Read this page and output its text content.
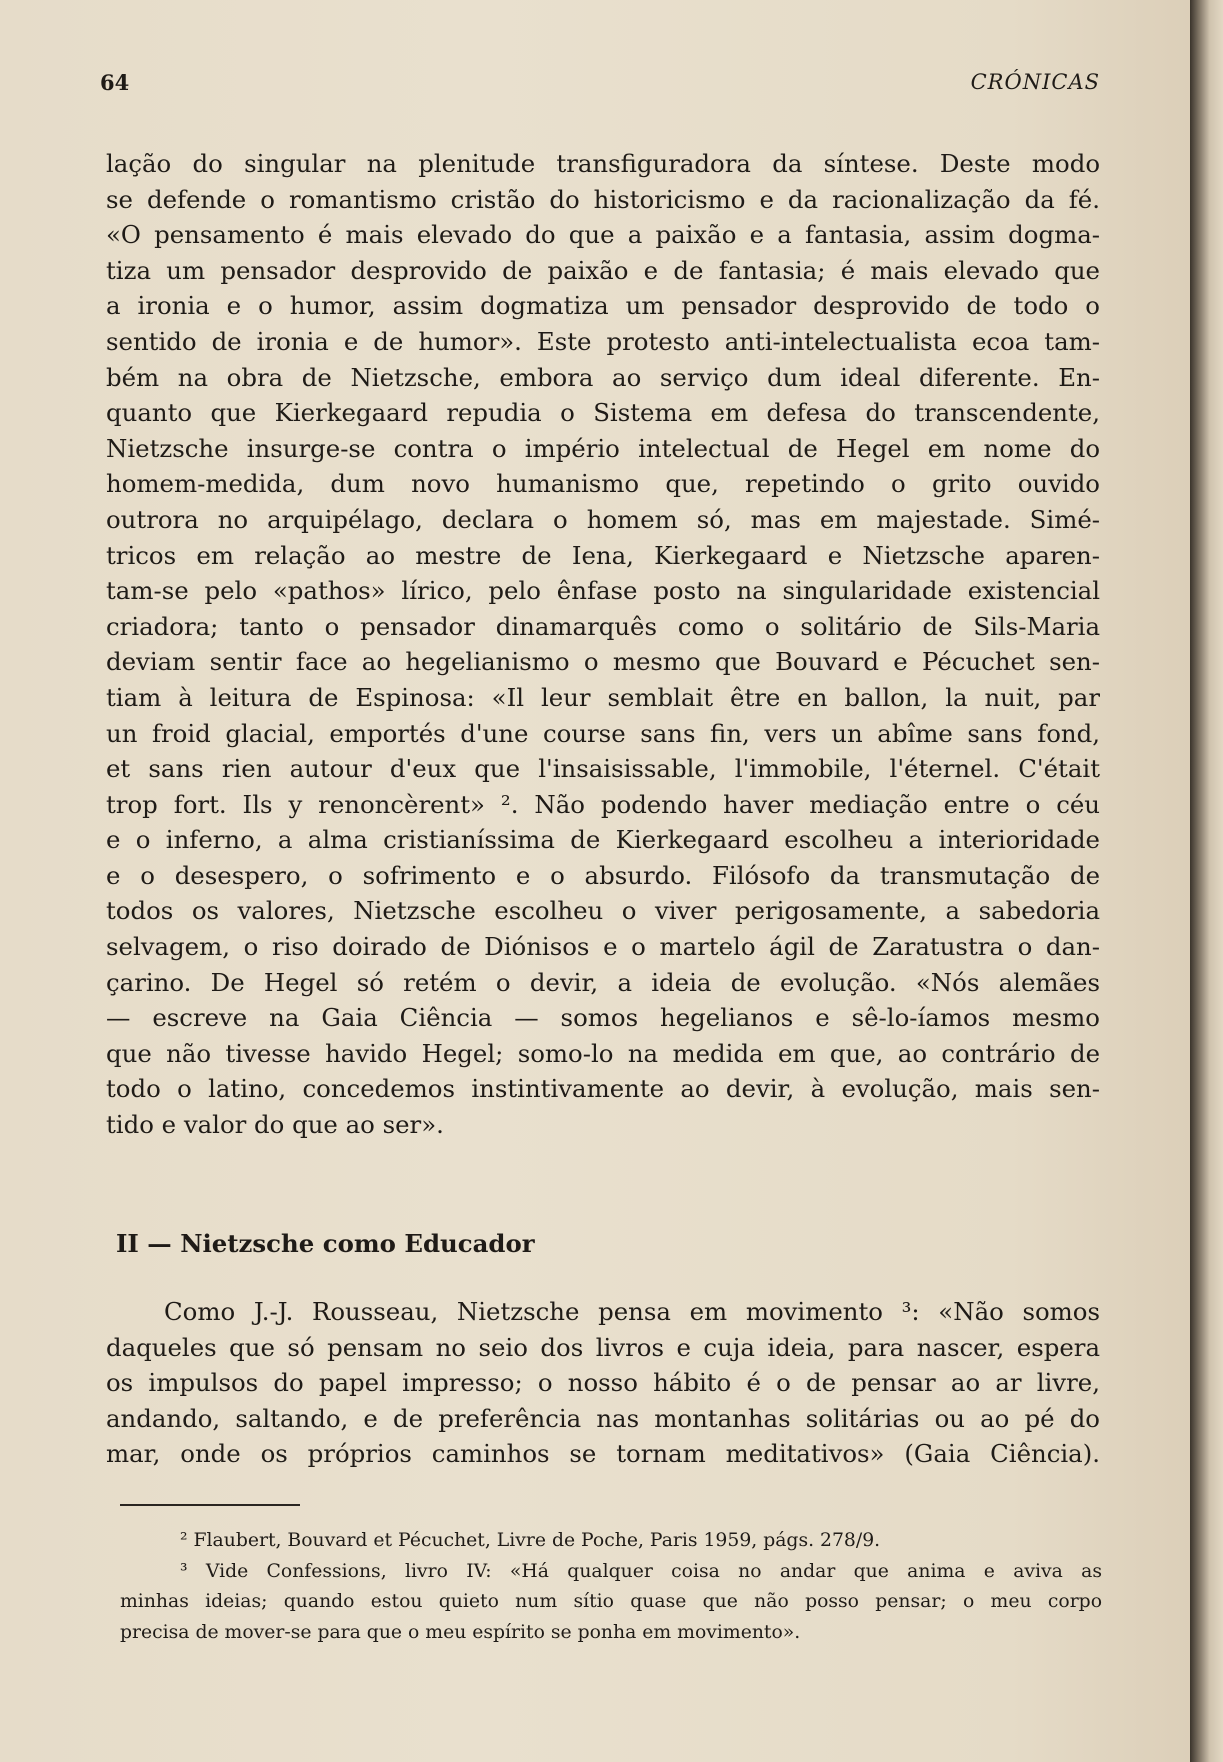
64	CRÓNICAS
lação do singular na plenitude transfiguradora da síntese. Deste modo
se defende o romantismo cristão do historicismo e da racionalização da fé.
«O pensamento é mais elevado do que a paixão e a fantasia, assim dogma-
tiza um pensador desprovido de paixão e de fantasia; é mais elevado que
a ironia e o humor, assim dogmatiza um pensador desprovido de todo o
sentido de ironia e de humor». Este protesto anti-intelectualista ecoa tam-
bém na obra de Nietzsche, embora ao serviço dum ideal diferente. En-
quanto que Kierkegaard repudia o Sistema em defesa do transcendente,
Nietzsche insurge-se contra o império intelectual de Hegel em nome do
homem-medida, dum novo humanismo que, repetindo o grito ouvido
outrora no arquipélago, declara o homem só, mas em majestade. Simé-
tricos em relação ao mestre de Iena, Kierkegaard e Nietzsche aparen-
tam-se pelo «pathos» lírico, pelo ênfase posto na singularidade existencial
criadora; tanto o pensador dinamarquês como o solitário de Sils-Maria
deviam sentir face ao hegelianismo o mesmo que Bouvard e Pécuchet sen-
tiam à leitura de Espinosa: «Il leur semblait être en ballon, la nuit, par
un froid glacial, emportés d'une course sans fin, vers un abîme sans fond,
et sans rien autour d'eux que l'insaisissable, l'immobile, l'éternel. C'était
trop fort. Ils y renoncèrent» ². Não podendo haver mediação entre o céu
e o inferno, a alma cristianíssima de Kierkegaard escolheu a interioridade
e o desespero, o sofrimento e o absurdo. Filósofo da transmutação de
todos os valores, Nietzsche escolheu o viver perigosamente, a sabedoria
selvagem, o riso doirado de Diónisos e o martelo ágil de Zaratustra o dan-
çarino. De Hegel só retém o devir, a ideia de evolução. «Nós alemães
— escreve na Gaia Ciência — somos hegelianos e sê-lo-íamos mesmo
que não tivesse havido Hegel; somo-lo na medida em que, ao contrário de
todo o latino, concedemos instintivamente ao devir, à evolução, mais sen-
tido e valor do que ao ser».
II — Nietzsche como Educador
Como J.-J. Rousseau, Nietzsche pensa em movimento ³: «Não somos
daqueles que só pensam no seio dos livros e cuja ideia, para nascer, espera
os impulsos do papel impresso; o nosso hábito é o de pensar ao ar livre,
andando, saltando, e de preferência nas montanhas solitárias ou ao pé do
mar, onde os próprios caminhos se tornam meditativos» (Gaia Ciência).
² Flaubert, Bouvard et Pécuchet, Livre de Poche, Paris 1959, págs. 278/9.
³ Vide Confessions, livro IV: «Há qualquer coisa no andar que anima e aviva as
minhas ideias; quando estou quieto num sítio quase que não posso pensar; o meu corpo
precisa de mover-se para que o meu espírito se ponha em movimento».
